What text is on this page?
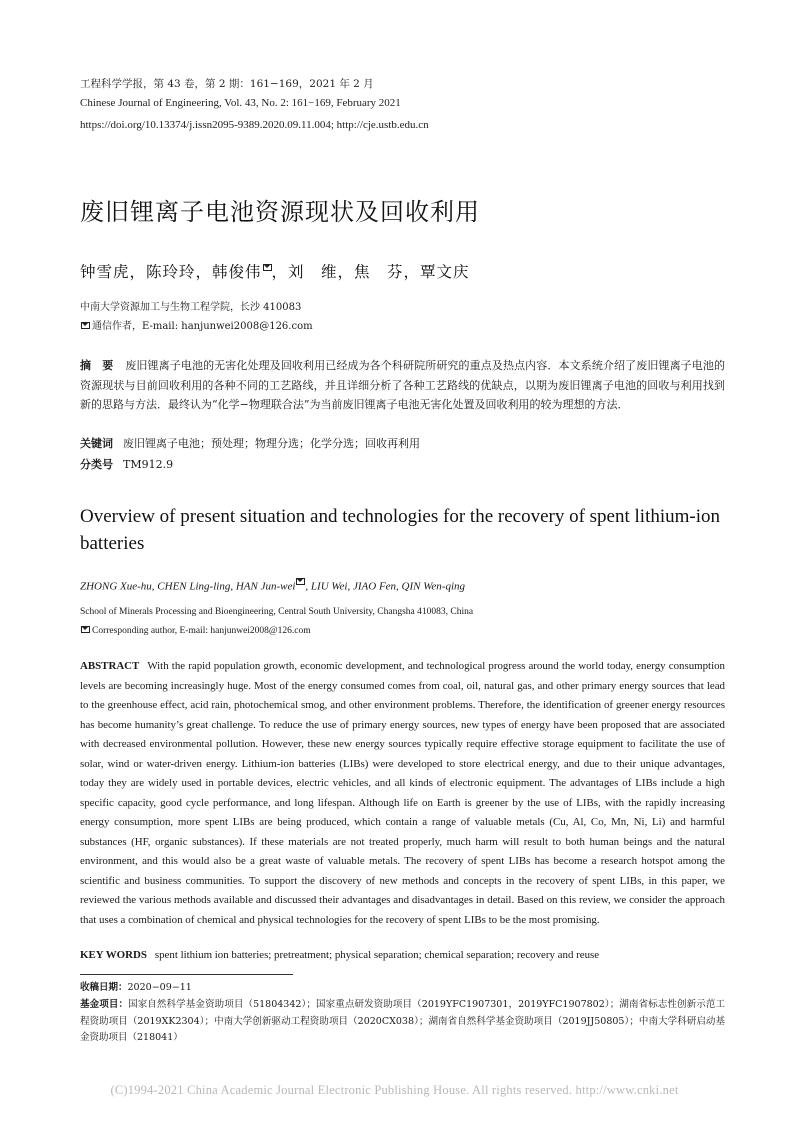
工程科学学报，第 43 卷，第 2 期：161−169，2021 年 2 月
Chinese Journal of Engineering, Vol. 43, No. 2: 161−169, February 2021
https://doi.org/10.13374/j.issn2095-9389.2020.09.11.004; http://cje.ustb.edu.cn
废旧锂离子电池资源现状及回收利用
钟雪虎，陈玲玲，韩俊伟 ，刘　维，焦　芬，覃文庆
中南大学资源加工与生物工程学院，长沙 410083
通信作者，E-mail: hanjunwei2008@126.com
摘　要 废旧锂离子电池的无害化处理及回收利用已经成为各个科研院所研究的重点及热点内容．本文系统介绍了废旧锂离子电池的资源现状与目前回收利用的各种不同的工艺路线，并且详细分析了各种工艺路线的优缺点，以期为废旧锂离子电池的回收与利用找到新的思路与方法．最终认为“化学−物理联合法”为当前废旧锂离子电池无害化处置及回收利用的较为理想的方法．
关键词 废旧锂离子电池；预处理；物理分选；化学分选；回收再利用
分类号 TM912.9
Overview of present situation and technologies for the recovery of spent lithium-ion batteries
ZHONG Xue-hu, CHEN Ling-ling, HAN Jun-wei , LIU Wei, JIAO Fen, QIN Wen-qing
School of Minerals Processing and Bioengineering, Central South University, Changsha 410083, China
Corresponding author, E-mail: hanjunwei2008@126.com
ABSTRACT With the rapid population growth, economic development, and technological progress around the world today, energy consumption levels are becoming increasingly huge. Most of the energy consumed comes from coal, oil, natural gas, and other primary energy sources that lead to the greenhouse effect, acid rain, photochemical smog, and other environment problems. Therefore, the identification of greener energy resources has become humanity’s great challenge. To reduce the use of primary energy sources, new types of energy have been proposed that are associated with decreased environmental pollution. However, these new energy sources typically require effective storage equipment to facilitate the use of solar, wind or water-driven energy. Lithium-ion batteries (LIBs) were developed to store electrical energy, and due to their unique advantages, today they are widely used in portable devices, electric vehicles, and all kinds of electronic equipment. The advantages of LIBs include a high specific capacity, good cycle performance, and long lifespan. Although life on Earth is greener by the use of LIBs, with the rapidly increasing energy consumption, more spent LIBs are being produced, which contain a range of valuable metals (Cu, Al, Co, Mn, Ni, Li) and harmful substances (HF, organic substances). If these materials are not treated properly, much harm will result to both human beings and the natural environment, and this would also be a great waste of valuable metals. The recovery of spent LIBs has become a research hotspot among the scientific and business communities. To support the discovery of new methods and concepts in the recovery of spent LIBs, in this paper, we reviewed the various methods available and discussed their advantages and disadvantages in detail. Based on this review, we consider the approach that uses a combination of chemical and physical technologies for the recovery of spent LIBs to be the most promising.
KEY WORDS spent lithium ion batteries; pretreatment; physical separation; chemical separation; recovery and reuse
收稿日期：2020−09−11
基金项目：国家自然科学基金资助项目（51804342）；国家重点研发资助项目（2019YFC1907301，2019YFC1907802）；湖南省标志性创新示范工程资助项目（2019XK2304）；中南大学创新驱动工程资助项目（2020CX038）；湖南省自然科学基金资助项目（2019JJ50805）；中南大学科研启动基金资助项目（218041）
(C)1994-2021 China Academic Journal Electronic Publishing House. All rights reserved. http://www.cnki.net
